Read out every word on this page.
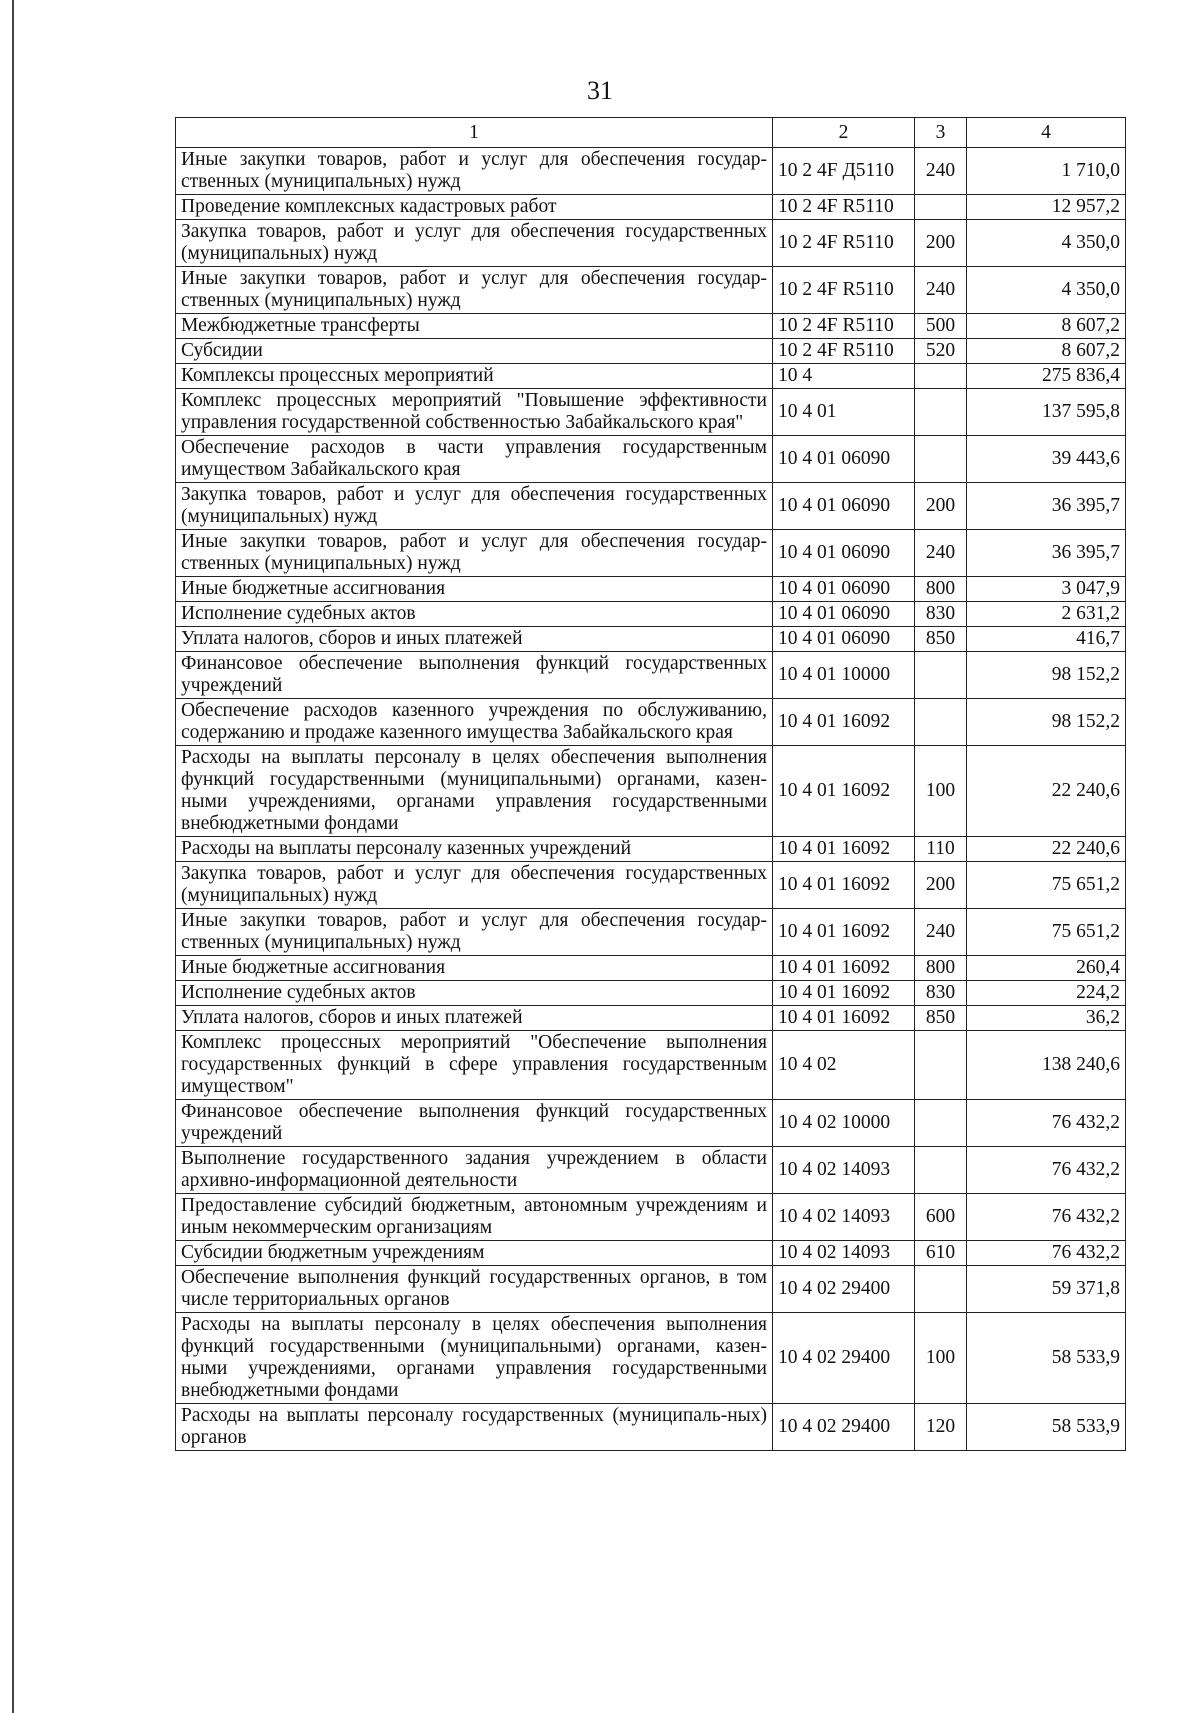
31
1	2	3	4
Иные закупки товаров, работ и услуг для обеспечения государ-ственных (муниципальных) нужд	10 2 4F Д5110	240	1 710,0
Проведение комплексных кадастровых работ	10 2 4F R5110		12 957,2
Закупка товаров, работ и услуг для обеспечения государственных (муниципальных) нужд	10 2 4F R5110	200	4 350,0
Иные закупки товаров, работ и услуг для обеспечения государ-ственных (муниципальных) нужд	10 2 4F R5110	240	4 350,0
Межбюджетные трансферты	10 2 4F R5110	500	8 607,2
Субсидии	10 2 4F R5110	520	8 607,2
Комплексы процессных мероприятий	10 4		275 836,4
Комплекс процессных мероприятий "Повышение эффективности управления государственной собственностью Забайкальского края"	10 4 01		137 595,8
Обеспечение расходов в части управления государственным имуществом Забайкальского края	10 4 01 06090		39 443,6
Закупка товаров, работ и услуг для обеспечения государственных (муниципальных) нужд	10 4 01 06090	200	36 395,7
Иные закупки товаров, работ и услуг для обеспечения государ-ственных (муниципальных) нужд	10 4 01 06090	240	36 395,7
Иные бюджетные ассигнования	10 4 01 06090	800	3 047,9
Исполнение судебных актов	10 4 01 06090	830	2 631,2
Уплата налогов, сборов и иных платежей	10 4 01 06090	850	416,7
Финансовое обеспечение выполнения функций государственных учреждений	10 4 01 10000		98 152,2
Обеспечение расходов казенного учреждения по обслуживанию, содержанию и продаже казенного имущества Забайкальского края	10 4 01 16092		98 152,2
Расходы на выплаты персоналу в целях обеспечения выполнения функций государственными (муниципальными) органами, казен-ными учреждениями, органами управления государственными внебюджетными фондами	10 4 01 16092	100	22 240,6
Расходы на выплаты персоналу казенных учреждений	10 4 01 16092	110	22 240,6
Закупка товаров, работ и услуг для обеспечения государственных (муниципальных) нужд	10 4 01 16092	200	75 651,2
Иные закупки товаров, работ и услуг для обеспечения государ-ственных (муниципальных) нужд	10 4 01 16092	240	75 651,2
Иные бюджетные ассигнования	10 4 01 16092	800	260,4
Исполнение судебных актов	10 4 01 16092	830	224,2
Уплата налогов, сборов и иных платежей	10 4 01 16092	850	36,2
Комплекс процессных мероприятий "Обеспечение выполнения государственных функций в сфере управления государственным имуществом"	10 4 02		138 240,6
Финансовое обеспечение выполнения функций государственных учреждений	10 4 02 10000		76 432,2
Выполнение государственного задания учреждением в области архивно-информационной деятельности	10 4 02 14093		76 432,2
Предоставление субсидий бюджетным, автономным учреждениям и иным некоммерческим организациям	10 4 02 14093	600	76 432,2
Субсидии бюджетным учреждениям	10 4 02 14093	610	76 432,2
Обеспечение выполнения функций государственных органов, в том числе территориальных органов	10 4 02 29400		59 371,8
Расходы на выплаты персоналу в целях обеспечения выполнения функций государственными (муниципальными) органами, казен-ными учреждениями, органами управления государственными внебюджетными фондами	10 4 02 29400	100	58 533,9
Расходы на выплаты персоналу государственных (муниципаль-ных) органов	10 4 02 29400	120	58 533,9
